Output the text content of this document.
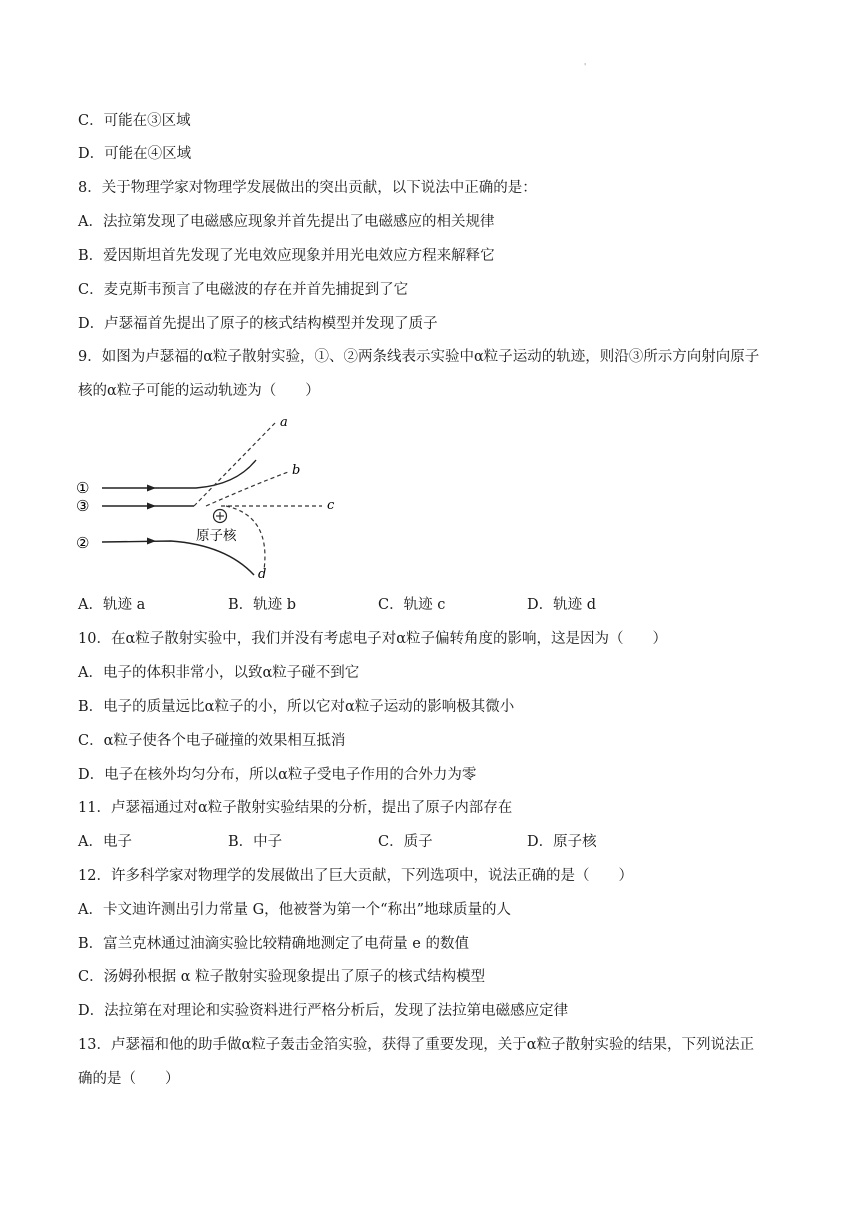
'
C．可能在③区域
D．可能在④区域
8．关于物理学家对物理学发展做出的突出贡献，以下说法中正确的是：
A．法拉第发现了电磁感应现象并首先提出了电磁感应的相关规律
B．爱因斯坦首先发现了光电效应现象并用光电效应方程来解释它
C．麦克斯韦预言了电磁波的存在并首先捕捉到了它
D．卢瑟福首先提出了原子的核式结构模型并发现了质子
9．如图为卢瑟福的α粒子散射实验，①、②两条线表示实验中α粒子运动的轨迹，则沿③所示方向射向原子
核的α粒子可能的运动轨迹为（　　）
①
③
②
a
b
c
d
原子核
A．轨迹 a	B．轨迹 b	C．轨迹 c	D．轨迹 d
10．在α粒子散射实验中，我们并没有考虑电子对α粒子偏转角度的影响，这是因为（　　）
A．电子的体积非常小，以致α粒子碰不到它
B．电子的质量远比α粒子的小，所以它对α粒子运动的影响极其微小
C．α粒子使各个电子碰撞的效果相互抵消
D．电子在核外均匀分布，所以α粒子受电子作用的合外力为零
11．卢瑟福通过对α粒子散射实验结果的分析，提出了原子内部存在
A．电子	B．中子	C．质子	D．原子核
12．许多科学家对物理学的发展做出了巨大贡献，下列选项中，说法正确的是（　　）
A．卡文迪许测出引力常量 G，他被誉为第一个“称出”地球质量的人
B．富兰克林通过油滴实验比较精确地测定了电荷量 e 的数值
C．汤姆孙根据 α 粒子散射实验现象提出了原子的核式结构模型
D．法拉第在对理论和实验资料进行严格分析后，发现了法拉第电磁感应定律
13．卢瑟福和他的助手做α粒子轰击金箔实验，获得了重要发现，关于α粒子散射实验的结果，下列说法正
确的是（　　）
